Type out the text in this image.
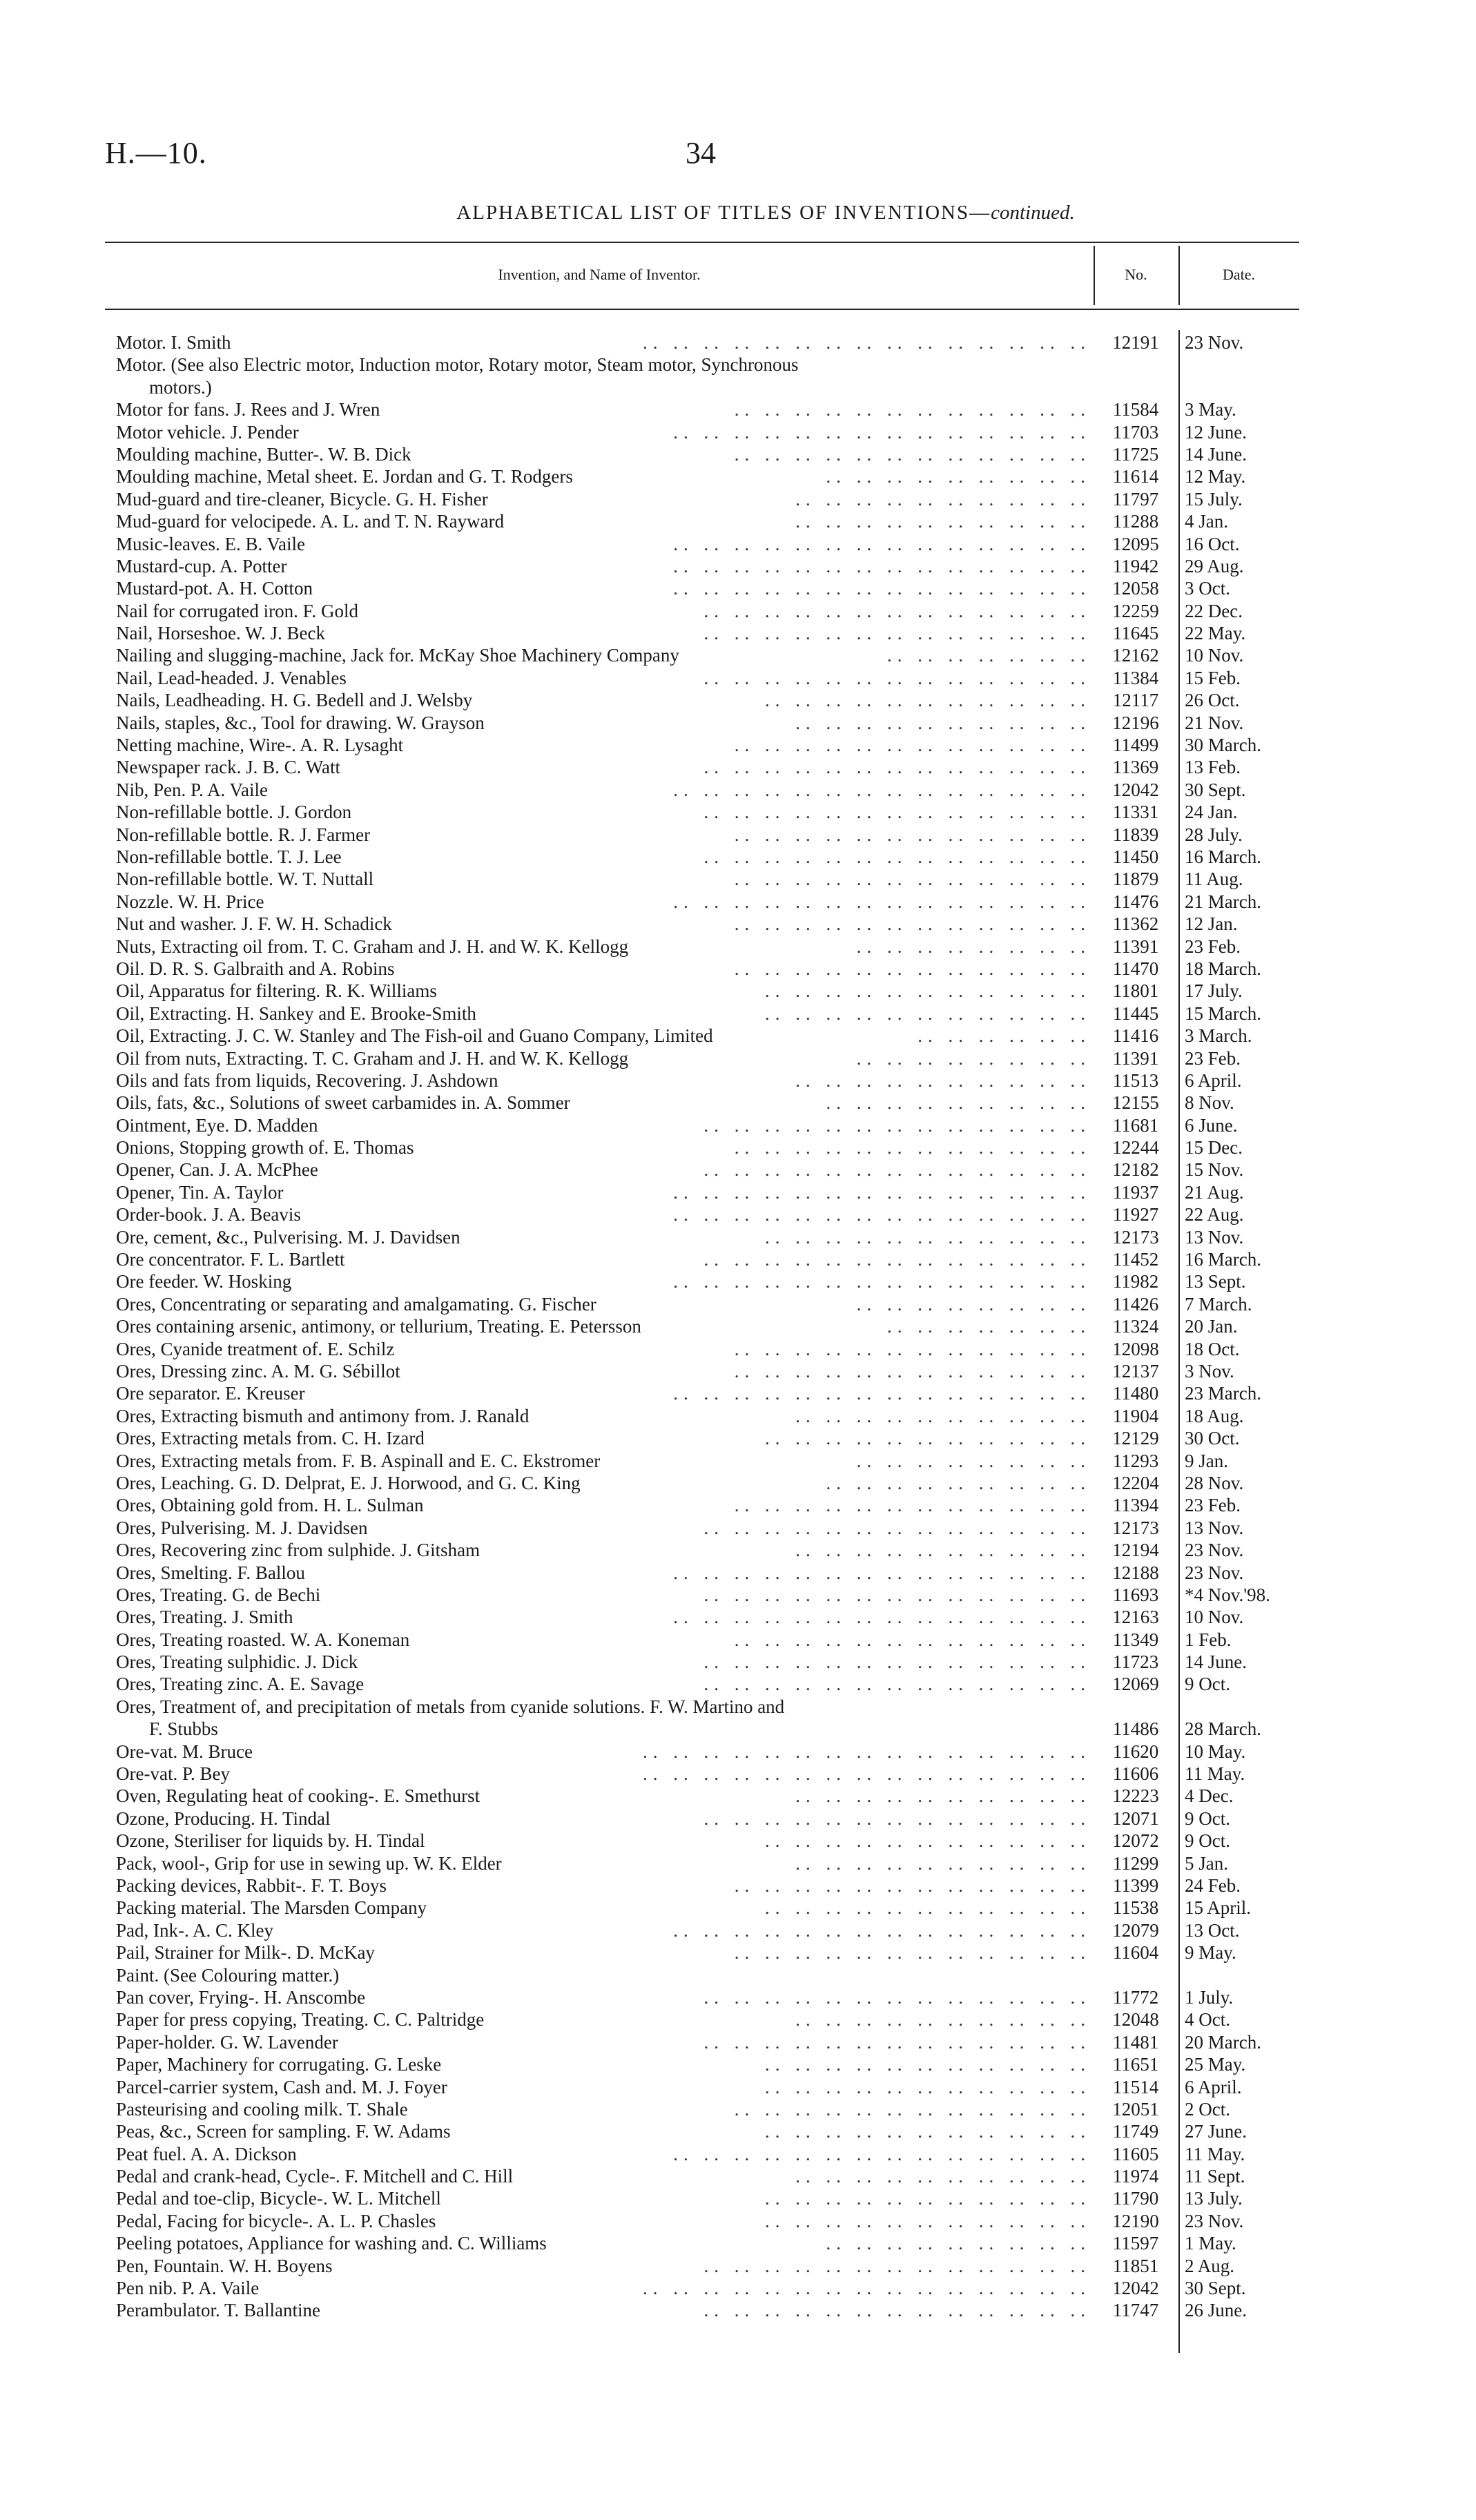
H.—10.	34
ALPHABETICAL LIST OF TITLES OF INVENTIONS—continued.
Invention, and Name of Inventor.	No.	Date.
Motor. I. Smith	.. .. .. .. .. .. .. .. .. .. .. .. .. .. ..	12191	23 Nov.
Motor. (See also Electric motor, Induction motor, Rotary motor, Steam motor, Synchronous
motors.)
Motor for fans. J. Rees and J. Wren	.. .. .. .. .. .. .. .. .. .. .. ..	11584	3 May.
Motor vehicle. J. Pender	.. .. .. .. .. .. .. .. .. .. .. .. .. ..	11703	12 June.
Moulding machine, Butter-. W. B. Dick	.. .. .. .. .. .. .. .. .. .. .. ..	11725	14 June.
Moulding machine, Metal sheet. E. Jordan and G. T. Rodgers	.. .. .. .. .. .. .. .. ..	11614	12 May.
Mud-guard and tire-cleaner, Bicycle. G. H. Fisher	.. .. .. .. .. .. .. .. .. ..	11797	15 July.
Mud-guard for velocipede. A. L. and T. N. Rayward	.. .. .. .. .. .. .. .. .. ..	11288	4 Jan.
Music-leaves. E. B. Vaile	.. .. .. .. .. .. .. .. .. .. .. .. .. ..	12095	16 Oct.
Mustard-cup. A. Potter	.. .. .. .. .. .. .. .. .. .. .. .. .. ..	11942	29 Aug.
Mustard-pot. A. H. Cotton	.. .. .. .. .. .. .. .. .. .. .. .. .. ..	12058	3 Oct.
Nail for corrugated iron. F. Gold	.. .. .. .. .. .. .. .. .. .. .. .. ..	12259	22 Dec.
Nail, Horseshoe. W. J. Beck	.. .. .. .. .. .. .. .. .. .. .. .. ..	11645	22 May.
Nailing and slugging-machine, Jack for. McKay Shoe Machinery Company	.. .. .. .. .. .. ..	12162	10 Nov.
Nail, Lead-headed. J. Venables	.. .. .. .. .. .. .. .. .. .. .. .. ..	11384	15 Feb.
Nails, Leadheading. H. G. Bedell and J. Welsby	.. .. .. .. .. .. .. .. .. .. ..	12117	26 Oct.
Nails, staples, &c., Tool for drawing. W. Grayson	.. .. .. .. .. .. .. .. .. ..	12196	21 Nov.
Netting machine, Wire-. A. R. Lysaght	.. .. .. .. .. .. .. .. .. .. .. ..	11499	30 March.
Newspaper rack. J. B. C. Watt	.. .. .. .. .. .. .. .. .. .. .. .. ..	11369	13 Feb.
Nib, Pen. P. A. Vaile	.. .. .. .. .. .. .. .. .. .. .. .. .. ..	12042	30 Sept.
Non-refillable bottle. J. Gordon	.. .. .. .. .. .. .. .. .. .. .. .. ..	11331	24 Jan.
Non-refillable bottle. R. J. Farmer	.. .. .. .. .. .. .. .. .. .. .. ..	11839	28 July.
Non-refillable bottle. T. J. Lee	.. .. .. .. .. .. .. .. .. .. .. .. ..	11450	16 March.
Non-refillable bottle. W. T. Nuttall	.. .. .. .. .. .. .. .. .. .. .. ..	11879	11 Aug.
Nozzle. W. H. Price	.. .. .. .. .. .. .. .. .. .. .. .. .. ..	11476	21 March.
Nut and washer. J. F. W. H. Schadick	.. .. .. .. .. .. .. .. .. .. .. ..	11362	12 Jan.
Nuts, Extracting oil from. T. C. Graham and J. H. and W. K. Kellogg	.. .. .. .. .. .. .. ..	11391	23 Feb.
Oil. D. R. S. Galbraith and A. Robins	.. .. .. .. .. .. .. .. .. .. .. ..	11470	18 March.
Oil, Apparatus for filtering. R. K. Williams	.. .. .. .. .. .. .. .. .. .. ..	11801	17 July.
Oil, Extracting. H. Sankey and E. Brooke-Smith	.. .. .. .. .. .. .. .. .. .. ..	11445	15 March.
Oil, Extracting. J. C. W. Stanley and The Fish-oil and Guano Company, Limited	.. .. .. .. .. ..	11416	3 March.
Oil from nuts, Extracting. T. C. Graham and J. H. and W. K. Kellogg	.. .. .. .. .. .. .. ..	11391	23 Feb.
Oils and fats from liquids, Recovering. J. Ashdown	.. .. .. .. .. .. .. .. .. ..	11513	6 April.
Oils, fats, &c., Solutions of sweet carbamides in. A. Sommer	.. .. .. .. .. .. .. .. ..	12155	8 Nov.
Ointment, Eye. D. Madden	.. .. .. .. .. .. .. .. .. .. .. .. ..	11681	6 June.
Onions, Stopping growth of. E. Thomas	.. .. .. .. .. .. .. .. .. .. .. ..	12244	15 Dec.
Opener, Can. J. A. McPhee	.. .. .. .. .. .. .. .. .. .. .. .. ..	12182	15 Nov.
Opener, Tin. A. Taylor	.. .. .. .. .. .. .. .. .. .. .. .. .. ..	11937	21 Aug.
Order-book. J. A. Beavis	.. .. .. .. .. .. .. .. .. .. .. .. .. ..	11927	22 Aug.
Ore, cement, &c., Pulverising. M. J. Davidsen	.. .. .. .. .. .. .. .. .. .. ..	12173	13 Nov.
Ore concentrator. F. L. Bartlett	.. .. .. .. .. .. .. .. .. .. .. .. ..	11452	16 March.
Ore feeder. W. Hosking	.. .. .. .. .. .. .. .. .. .. .. .. .. ..	11982	13 Sept.
Ores, Concentrating or separating and amalgamating. G. Fischer	.. .. .. .. .. .. .. ..	11426	7 March.
Ores containing arsenic, antimony, or tellurium, Treating. E. Petersson	.. .. .. .. .. .. ..	11324	20 Jan.
Ores, Cyanide treatment of. E. Schilz	.. .. .. .. .. .. .. .. .. .. .. ..	12098	18 Oct.
Ores, Dressing zinc. A. M. G. Sébillot	.. .. .. .. .. .. .. .. .. .. .. ..	12137	3 Nov.
Ore separator. E. Kreuser	.. .. .. .. .. .. .. .. .. .. .. .. .. ..	11480	23 March.
Ores, Extracting bismuth and antimony from. J. Ranald	.. .. .. .. .. .. .. .. .. ..	11904	18 Aug.
Ores, Extracting metals from. C. H. Izard	.. .. .. .. .. .. .. .. .. .. ..	12129	30 Oct.
Ores, Extracting metals from. F. B. Aspinall and E. C. Ekstromer	.. .. .. .. .. .. .. ..	11293	9 Jan.
Ores, Leaching. G. D. Delprat, E. J. Horwood, and G. C. King	.. .. .. .. .. .. .. .. ..	12204	28 Nov.
Ores, Obtaining gold from. H. L. Sulman	.. .. .. .. .. .. .. .. .. .. .. ..	11394	23 Feb.
Ores, Pulverising. M. J. Davidsen	.. .. .. .. .. .. .. .. .. .. .. .. ..	12173	13 Nov.
Ores, Recovering zinc from sulphide. J. Gitsham	.. .. .. .. .. .. .. .. .. ..	12194	23 Nov.
Ores, Smelting. F. Ballou	.. .. .. .. .. .. .. .. .. .. .. .. .. ..	12188	23 Nov.
Ores, Treating. G. de Bechi	.. .. .. .. .. .. .. .. .. .. .. .. ..	11693	*4 Nov.'98.
Ores, Treating. J. Smith	.. .. .. .. .. .. .. .. .. .. .. .. .. ..	12163	10 Nov.
Ores, Treating roasted. W. A. Koneman	.. .. .. .. .. .. .. .. .. .. .. ..	11349	1 Feb.
Ores, Treating sulphidic. J. Dick	.. .. .. .. .. .. .. .. .. .. .. .. ..	11723	14 June.
Ores, Treating zinc. A. E. Savage	.. .. .. .. .. .. .. .. .. .. .. .. ..	12069	9 Oct.
Ores, Treatment of, and precipitation of metals from cyanide solutions. F. W. Martino and
F. Stubbs	11486	28 March.
Ore-vat. M. Bruce	.. .. .. .. .. .. .. .. .. .. .. .. .. .. ..	11620	10 May.
Ore-vat. P. Bey	.. .. .. .. .. .. .. .. .. .. .. .. .. .. ..	11606	11 May.
Oven, Regulating heat of cooking-. E. Smethurst	.. .. .. .. .. .. .. .. .. ..	12223	4 Dec.
Ozone, Producing. H. Tindal	.. .. .. .. .. .. .. .. .. .. .. .. ..	12071	9 Oct.
Ozone, Steriliser for liquids by. H. Tindal	.. .. .. .. .. .. .. .. .. .. ..	12072	9 Oct.
Pack, wool-, Grip for use in sewing up. W. K. Elder	.. .. .. .. .. .. .. .. .. ..	11299	5 Jan.
Packing devices, Rabbit-. F. T. Boys	.. .. .. .. .. .. .. .. .. .. .. ..	11399	24 Feb.
Packing material. The Marsden Company	.. .. .. .. .. .. .. .. .. .. ..	11538	15 April.
Pad, Ink-. A. C. Kley	.. .. .. .. .. .. .. .. .. .. .. .. .. ..	12079	13 Oct.
Pail, Strainer for Milk-. D. McKay	.. .. .. .. .. .. .. .. .. .. .. ..	11604	9 May.
Paint. (See Colouring matter.)
Pan cover, Frying-. H. Anscombe	.. .. .. .. .. .. .. .. .. .. .. .. ..	11772	1 July.
Paper for press copying, Treating. C. C. Paltridge	.. .. .. .. .. .. .. .. .. ..	12048	4 Oct.
Paper-holder. G. W. Lavender	.. .. .. .. .. .. .. .. .. .. .. .. ..	11481	20 March.
Paper, Machinery for corrugating. G. Leske	.. .. .. .. .. .. .. .. .. .. ..	11651	25 May.
Parcel-carrier system, Cash and. M. J. Foyer	.. .. .. .. .. .. .. .. .. .. ..	11514	6 April.
Pasteurising and cooling milk. T. Shale	.. .. .. .. .. .. .. .. .. .. .. ..	12051	2 Oct.
Peas, &c., Screen for sampling. F. W. Adams	.. .. .. .. .. .. .. .. .. .. ..	11749	27 June.
Peat fuel. A. A. Dickson	.. .. .. .. .. .. .. .. .. .. .. .. .. ..	11605	11 May.
Pedal and crank-head, Cycle-. F. Mitchell and C. Hill	.. .. .. .. .. .. .. .. .. ..	11974	11 Sept.
Pedal and toe-clip, Bicycle-. W. L. Mitchell	.. .. .. .. .. .. .. .. .. .. ..	11790	13 July.
Pedal, Facing for bicycle-. A. L. P. Chasles	.. .. .. .. .. .. .. .. .. .. ..	12190	23 Nov.
Peeling potatoes, Appliance for washing and. C. Williams	.. .. .. .. .. .. .. .. ..	11597	1 May.
Pen, Fountain. W. H. Boyens	.. .. .. .. .. .. .. .. .. .. .. .. ..	11851	2 Aug.
Pen nib. P. A. Vaile	.. .. .. .. .. .. .. .. .. .. .. .. .. .. ..	12042	30 Sept.
Perambulator. T. Ballantine	.. .. .. .. .. .. .. .. .. .. .. .. ..	11747	26 June.
